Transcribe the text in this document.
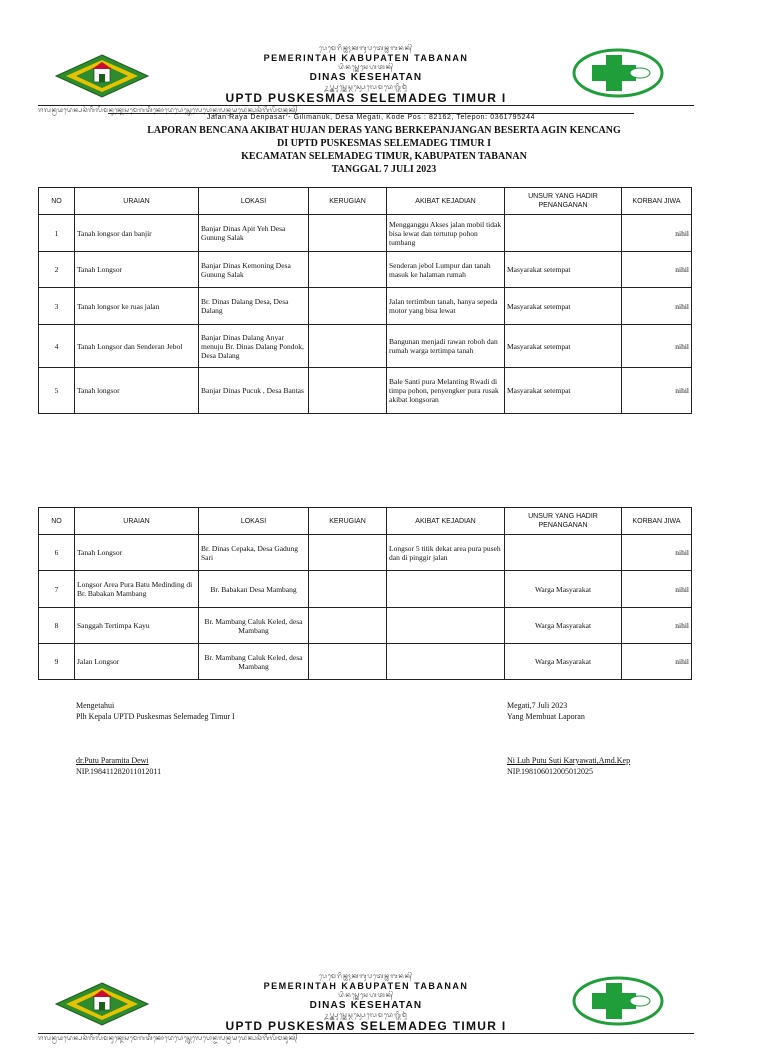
ᬧᬾᬫᬾᬭᬶᬦ᭄ᬢᬄᬓᬩᬸᬧᬢᬾᬦ᭄ᬢᬩᬦᬦ᭄
PEMERINTAH KABUPATEN TABANAN
ᬤᬶᬦᬲ᭄ᬓᬾᬲᬾᬳᬢᬦ᭄
DINAS KESEHATAN
ᬉᬧ᭄ᬢ᭄ᬤ᭄ᬧᬸᬲ᭄ᬓᬾᬲ᭄ᬫᬲ᭄ᬲᬾᬮᬾᬫᬤᬾᬕ᭄ᬢᬶᬫᬸᬃ
UPTD PUSKESMAS SELEMADEG TIMUR I
ᬚᬮᬦ᭄ᬭᬬᬤᬾᬦ᭄ᬧᬲᬃᬕᬶᬮᬶᬫᬦᬸᬓ᭄ᬤᬾᬲᬫᬾᬕᬢᬶᬓᭀᬤᬾᬧᭀᬲ᭄ᬢᬾᬮᬾᬧᭀᬦ᭄ᬚᬮᬦ᭄ᬭᬬᬤᬾᬦ᭄ᬧᬲᬃᬕᬶᬮᬶᬫᬦᬸᬓ᭄
Jalan Raya Denpasar - Gilimanuk, Desa Megati, Kode Pos : 82162, Telepon: 0361795244
LAPORAN BENCANA AKIBAT HUJAN DERAS YANG BERKEPANJANGAN BESERTA AGIN KENCANG
DI UPTD PUSKESMAS SELEMADEG TIMUR I
KECAMATAN SELEMADEG TIMUR, KABUPATEN TABANAN
TANGGAL 7 JULI 2023
NO	URAIAN	LOKASI	KERUGIAN	AKIBAT KEJADIAN	UNSUR YANG HADIR PENANGANAN	KORBAN JIWA
1	Tanah longsor dan banjir	Banjar Dinas Apit Yeh Desa Gunung Salak		Mengganggu Akses jalan mobil tidak bisa lewat dan tertutup pohon tumbang		nihil
2	Tanah Longsor	Banjar Dinas Kemoning Desa Gunung Salak		Senderan jebol Lumpur dan tanah masuk ke halaman rumah	Masyarakat setempat	nihil
3	Tanah longsor ke ruas jalan	Br. Dinas Dalang Desa, Desa Dalang		Jalan tertimbun tanah, hanya sepeda motor yang bisa lewat	Masyarakat setempat	nihil
4	Tanah Longsor dan Senderan Jebol	Banjar Dinas Dalang Anyar menuju Br. Dinas Dalang Pondok, Desa Dalang		Bangunan menjadi rawan roboh dan rumah warga tertimpa tanah	Masyarakat setempat	nihil
5	Tanah longsor	Banjar Dinas Pucuk , Desa Bantas		Bale Santi pura Melanting Rwadi di timpa pohon, penyengker pura rusak akibat longsoran	Masyarakat setempat	nihil
NO	URAIAN	LOKASI	KERUGIAN	AKIBAT KEJADIAN	UNSUR YANG HADIR PENANGANAN	KORBAN JIWA
6	Tanah Longsor	Br. Dinas Cepaka, Desa Gadung Sari		Longsor 5 titik dekat area pura puseh dan di pinggir jalan		nihil
7	Longsor Area Pura Batu Medinding di Br. Babakan Mambang	Br. Babakan Desa Mambang			Warga Masyarakat	nihil
8	Sanggah Tertimpa Kayu	Br. Mambang Caluk Keled, desa Mambang			Warga Masyarakat	nihil
9	Jalan Longsor	Br. Mambang Caluk Keled, desa Mambang			Warga Masyarakat	nihil
Mengetahui
Plh Kepala UPTD Puskesmas Selemadeg Timur I
dr.Putu Paramita Dewi
NIP.198411282011012011
Megati,7 Juli 2023
Yang Membuat Laporan
Ni Luh Putu Suti Karyawati,Amd.Kep
NIP.198106012005012025
ᬧᬾᬫᬾᬭᬶᬦ᭄ᬢᬄᬓᬩᬸᬧᬢᬾᬦ᭄ᬢᬩᬦᬦ᭄
PEMERINTAH KABUPATEN TABANAN
ᬤᬶᬦᬲ᭄ᬓᬾᬲᬾᬳᬢᬦ᭄
DINAS KESEHATAN
ᬉᬧ᭄ᬢ᭄ᬤ᭄ᬧᬸᬲ᭄ᬓᬾᬲ᭄ᬫᬲ᭄ᬲᬾᬮᬾᬫᬤᬾᬕ᭄ᬢᬶᬫᬸᬃ
UPTD PUSKESMAS SELEMADEG TIMUR I
ᬚᬮᬦ᭄ᬭᬬᬤᬾᬦ᭄ᬧᬲᬃᬕᬶᬮᬶᬫᬦᬸᬓ᭄ᬤᬾᬲᬫᬾᬕᬢᬶᬓᭀᬤᬾᬧᭀᬲ᭄ᬢᬾᬮᬾᬧᭀᬦ᭄ᬚᬮᬦ᭄ᬭᬬᬤᬾᬦ᭄ᬧᬲᬃᬕᬶᬮᬶᬫᬦᬸᬓ᭄
